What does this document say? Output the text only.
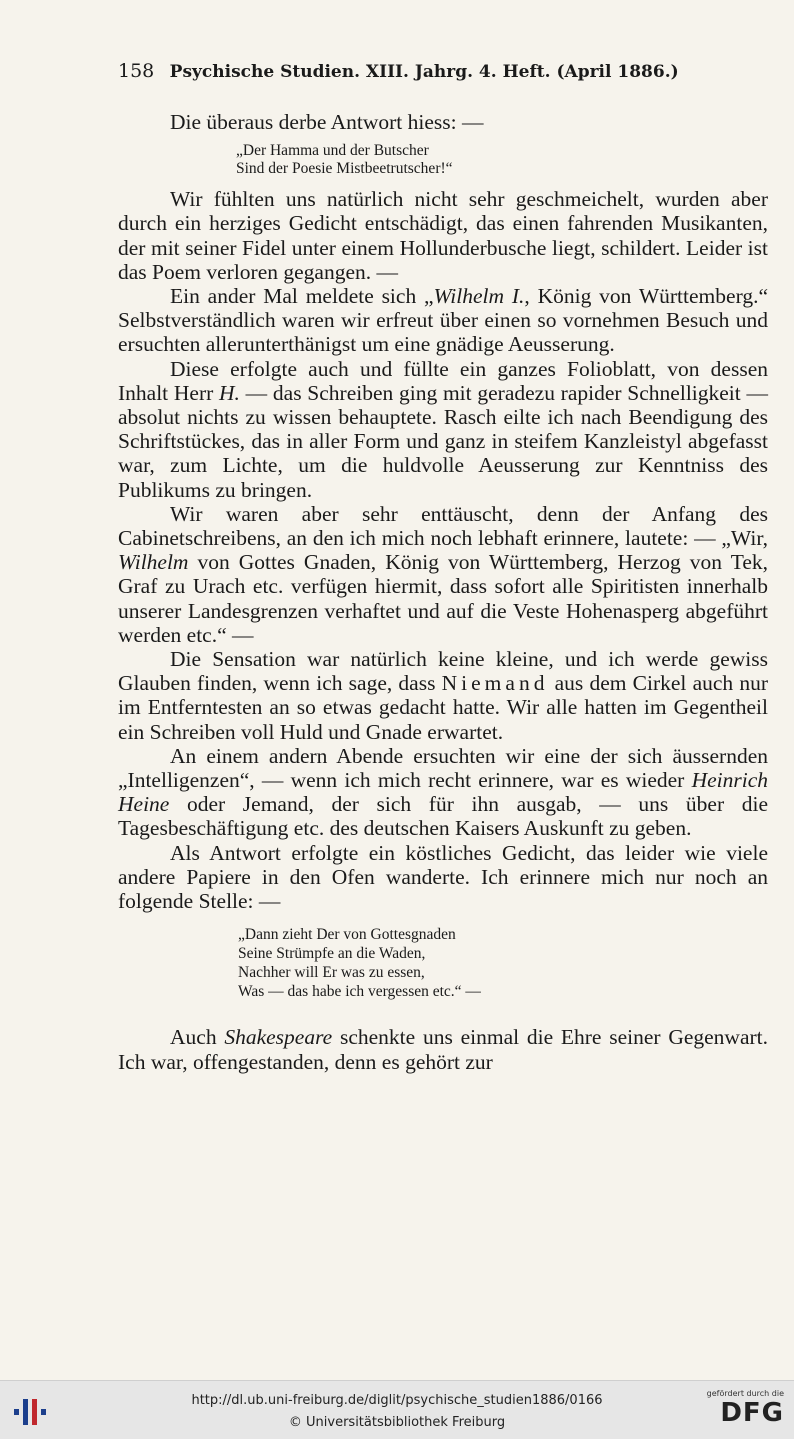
158 Psychische Studien. XIII. Jahrg. 4. Heft. (April 1886.)

Die überaus derbe Antwort hiess: —

„Der Hamma und der Butscher
Sind der Poesie Mistbeetrutscher!“

Wir fühlten uns natürlich nicht sehr geschmeichelt, wurden aber durch ein herziges Gedicht entschädigt, das einen fahrenden Musikanten, der mit seiner Fidel unter einem Hollunderbusche liegt, schildert. Leider ist das Poem verloren gegangen. —

Ein ander Mal meldete sich „Wilhelm I., König von Württemberg.“ Selbstverständlich waren wir erfreut über einen so vornehmen Besuch und ersuchten allerunterthänigst um eine gnädige Aeusserung.

Diese erfolgte auch und füllte ein ganzes Folioblatt, von dessen Inhalt Herr H. — das Schreiben ging mit geradezu rapider Schnelligkeit — absolut nichts zu wissen behauptete. Rasch eilte ich nach Beendigung des Schriftstückes, das in aller Form und ganz in steifem Kanzleistyl abgefasst war, zum Lichte, um die huldvolle Aeusserung zur Kenntniss des Publikums zu bringen.

Wir waren aber sehr enttäuscht, denn der Anfang des Cabinetschreibens, an den ich mich noch lebhaft erinnere, lautete: — „Wir, Wilhelm von Gottes Gnaden, König von Württemberg, Herzog von Tek, Graf zu Urach etc. verfügen hiermit, dass sofort alle Spiritisten innerhalb unserer Landesgrenzen verhaftet und auf die Veste Hohenasperg abgeführt werden etc.“ —

Die Sensation war natürlich keine kleine, und ich werde gewiss Glauben finden, wenn ich sage, dass Niemand aus dem Cirkel auch nur im Entferntesten an so etwas gedacht hatte. Wir alle hatten im Gegentheil ein Schreiben voll Huld und Gnade erwartet.

An einem andern Abende ersuchten wir eine der sich äussernden „Intelligenzen“, — wenn ich mich recht erinnere, war es wieder Heinrich Heine oder Jemand, der sich für ihn ausgab, — uns über die Tagesbeschäftigung etc. des deutschen Kaisers Auskunft zu geben.

Als Antwort erfolgte ein köstliches Gedicht, das leider wie viele andere Papiere in den Ofen wanderte. Ich erinnere mich nur noch an folgende Stelle: —

„Dann zieht Der von Gottesgnaden
Seine Strümpfe an die Waden,
Nachher will Er was zu essen,
Was — das habe ich vergessen etc.“ —

Auch Shakespeare schenkte uns einmal die Ehre seiner Gegenwart. Ich war, offengestanden, denn es gehört zur

http://dl.ub.uni-freiburg.de/diglit/psychische_studien1886/0166
© Universitätsbibliothek Freiburg
gefördert durch die
DFG
